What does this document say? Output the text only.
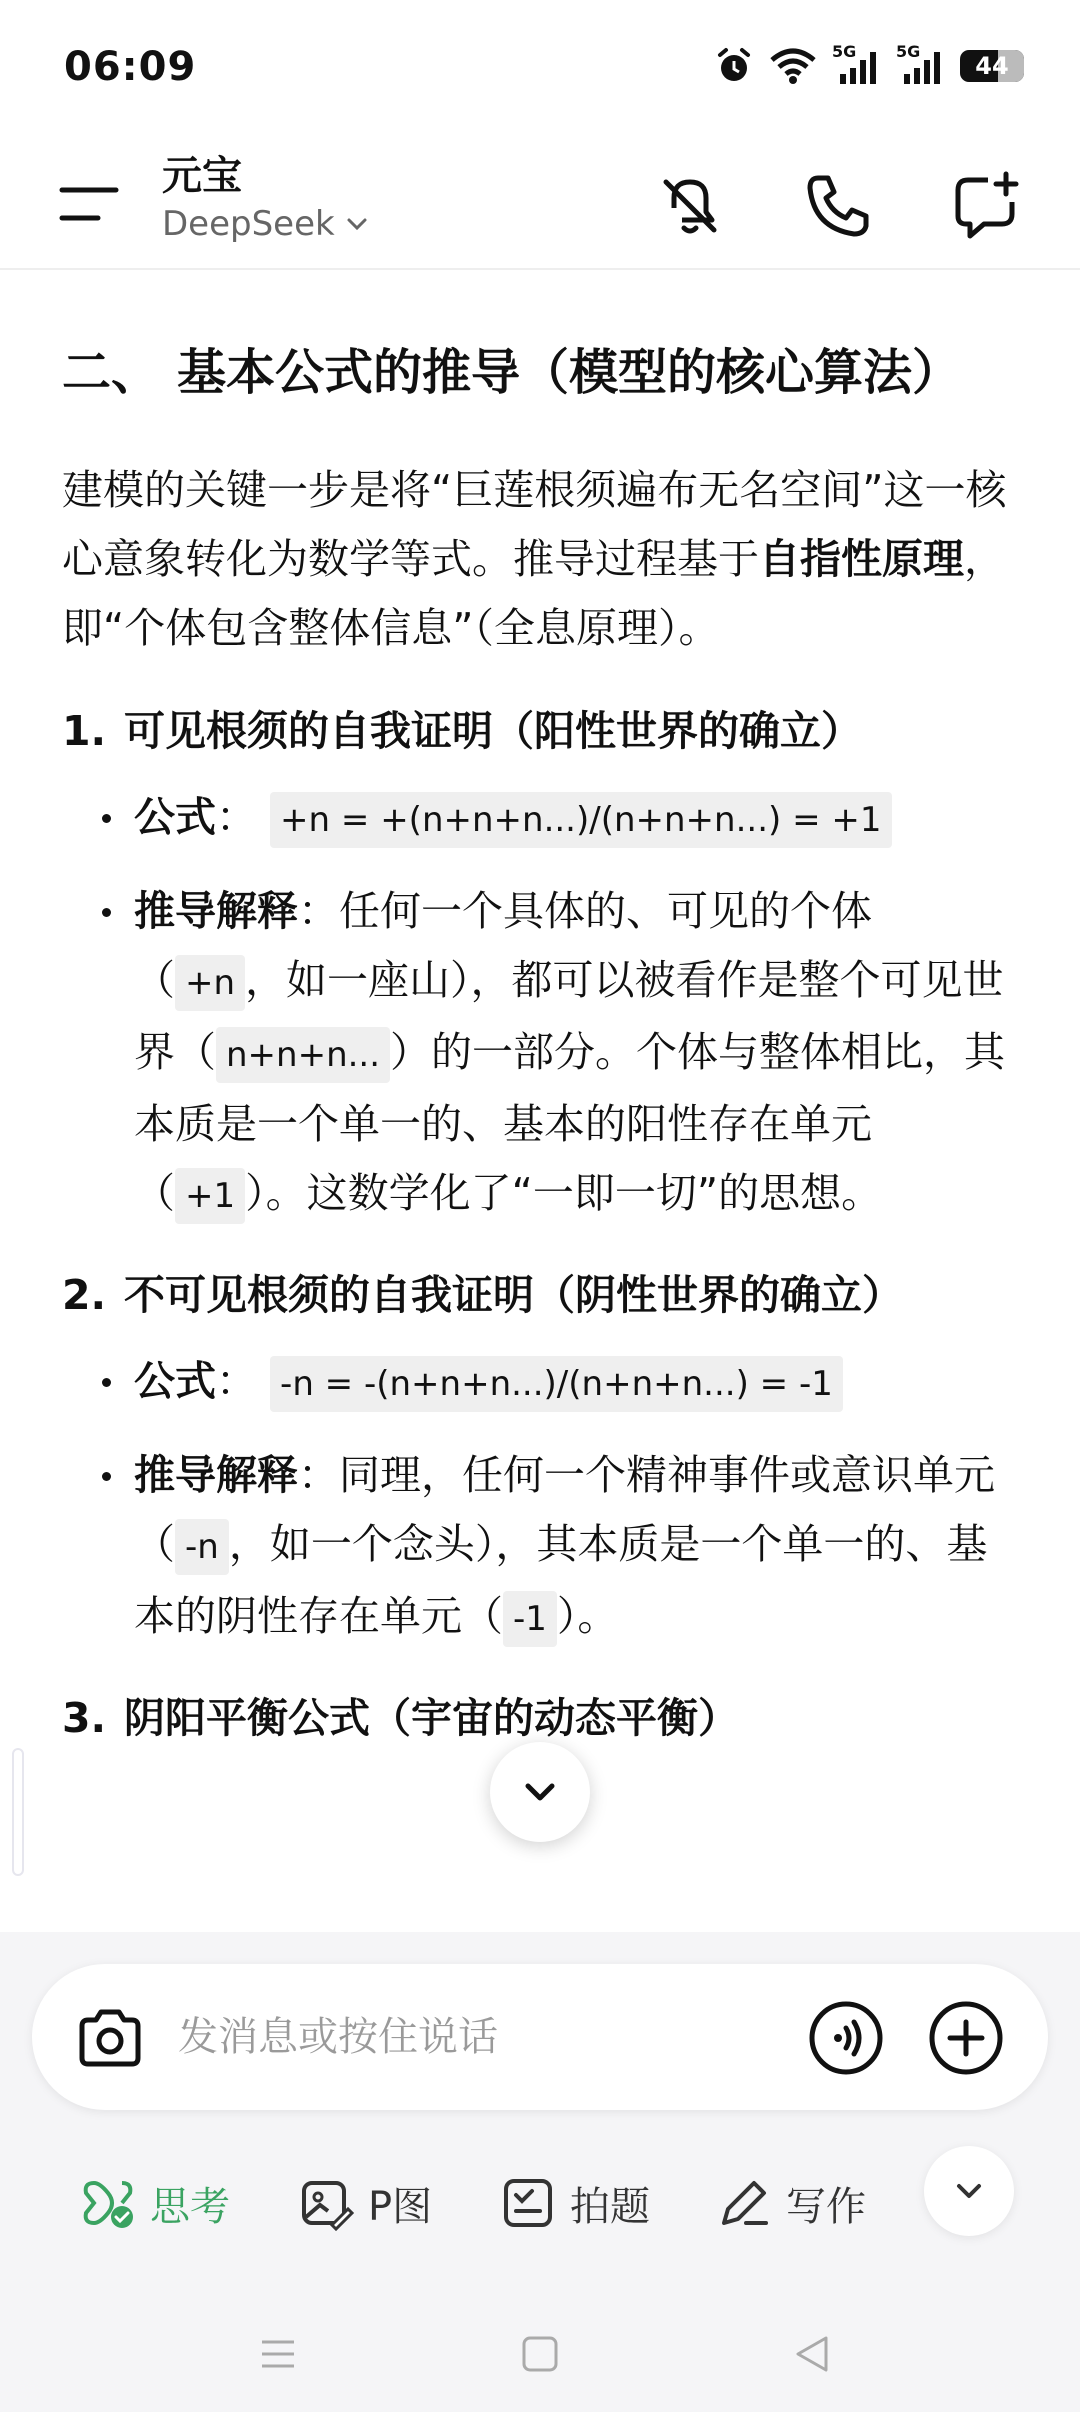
06:09	5G 5G
44
元宝
DeepSeek
二、 基本公式的推导（模型的核心算法）
建模的关键一步是将“巨莲根须遍布无名空间”这一核心意象转化为数学等式。推导过程基于自指性原理，即“个体包含整体信息”（全息原理）。
1. 可见根须的自我证明（阳性世界的确立）
公式： +n = +(n+n+n...)/(n+n+n...) = +1
推导解释：任何一个具体的、可见的个体（ +n ，如一座山），都可以被看作是整个可见世界（ n+n+n... ）的一部分。个体与整体相比，其本质是一个单一的、基本的阳性存在单元（ +1 ）。这数学化了“一即一切”的思想。
2. 不可见根须的自我证明（阴性世界的确立）
公式： -n = -(n+n+n...)/(n+n+n...) = -1
推导解释：同理，任何一个精神事件或意识单元（ -n ，如一个念头），其本质是一个单一的、基本的阴性存在单元（ -1 ）。
3. 阴阳平衡公式（宇宙的动态平衡）
发消息或按住说话
思考	P图	拍题	写作
